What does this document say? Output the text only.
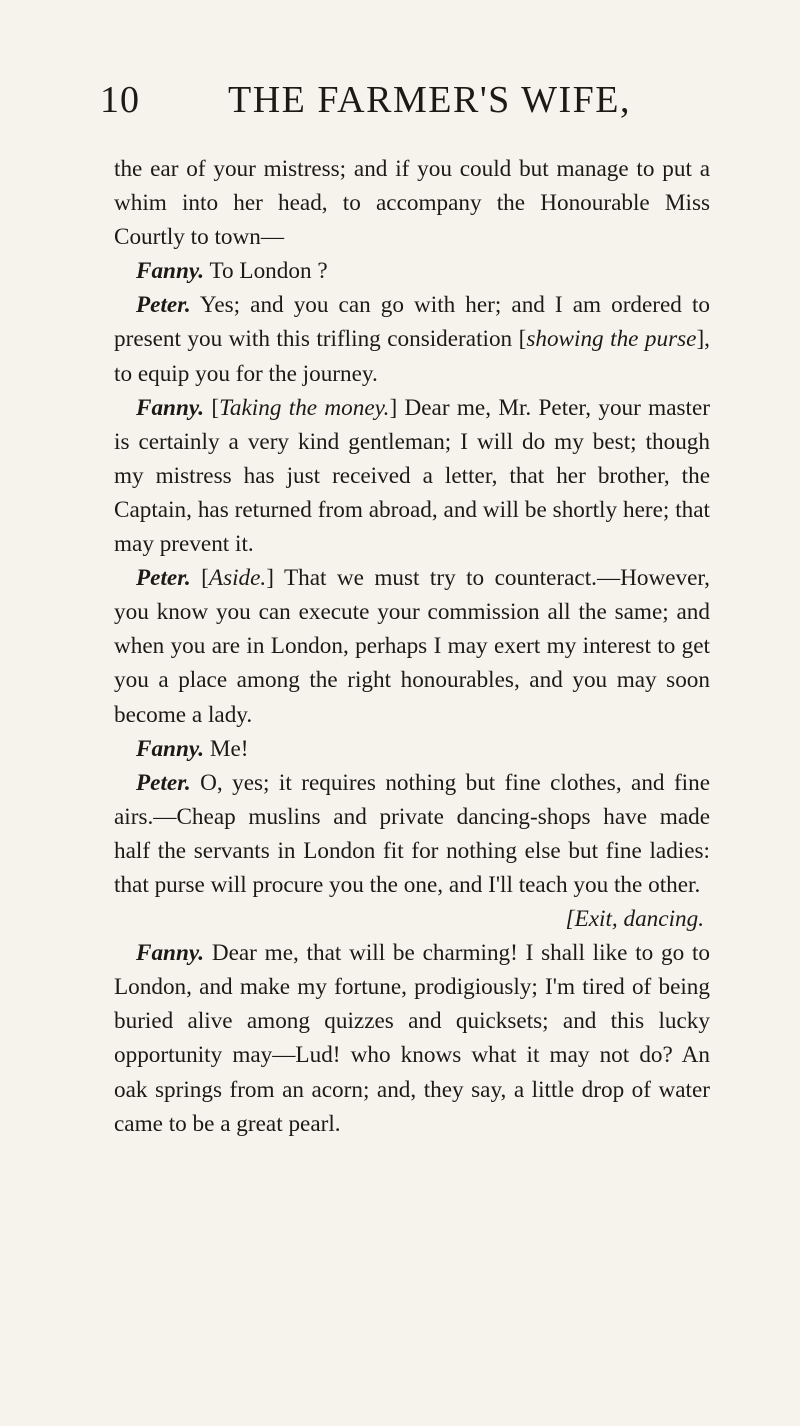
10 THE FARMER'S WIFE,

the ear of your mistress; and if you could but manage to put a whim into her head, to accompany the Honourable Miss Courtly to town—

Fanny. To London ?

Peter. Yes; and you can go with her; and I am ordered to present you with this trifling consideration [showing the purse], to equip you for the journey.

Fanny. [Taking the money.] Dear me, Mr. Peter, your master is certainly a very kind gentleman; I will do my best; though my mistress has just received a letter, that her brother, the Captain, has returned from abroad, and will be shortly here; that may prevent it.

Peter. [Aside.] That we must try to counteract.—However, you know you can execute your commission all the same; and when you are in London, perhaps I may exert my interest to get you a place among the right honourables, and you may soon become a lady.

Fanny. Me!

Peter. O, yes; it requires nothing but fine clothes, and fine airs.—Cheap muslins and private dancing-shops have made half the servants in London fit for nothing else but fine ladies: that purse will procure you the one, and I'll teach you the other.

[Exit, dancing.

Fanny. Dear me, that will be charming! I shall like to go to London, and make my fortune, prodigiously; I'm tired of being buried alive among quizzes and quicksets; and this lucky opportunity may—Lud! who knows what it may not do? An oak springs from an acorn; and, they say, a little drop of water came to be a great pearl.
